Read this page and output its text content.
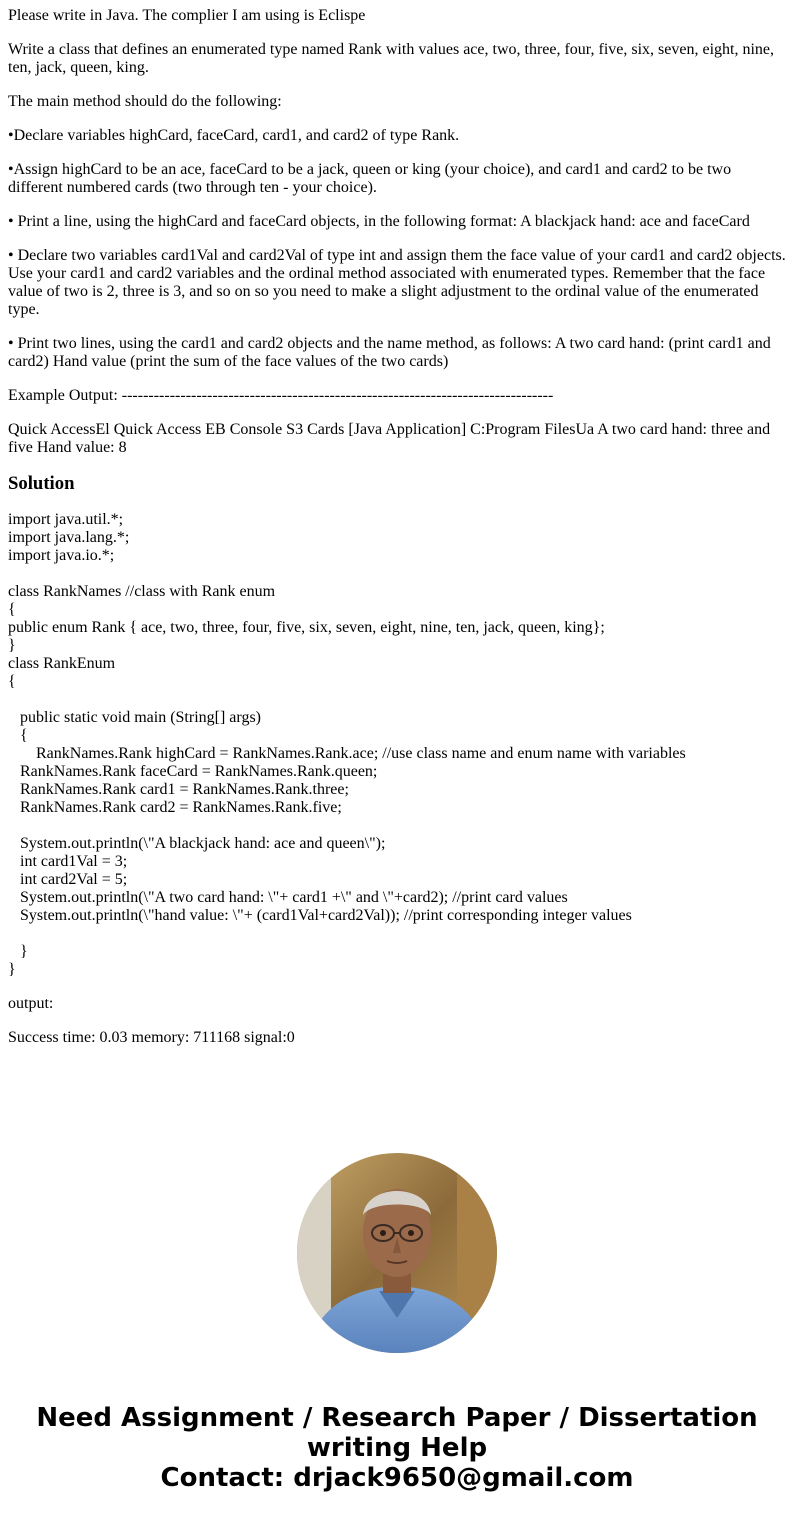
Please write in Java. The complier I am using is Eclispe

Write a class that defines an enumerated type named Rank with values ace, two, three, four, five, six, seven, eight, nine, ten, jack, queen, king.

The main method should do the following:

•Declare variables highCard, faceCard, card1, and card2 of type Rank.

•Assign highCard to be an ace, faceCard to be a jack, queen or king (your choice), and card1 and card2 to be two different numbered cards (two through ten - your choice).

• Print a line, using the highCard and faceCard objects, in the following format: A blackjack hand: ace and faceCard

• Declare two variables card1Val and card2Val of type int and assign them the face value of your card1 and card2 objects. Use your card1 and card2 variables and the ordinal method associated with enumerated types. Remember that the face value of two is 2, three is 3, and so on so you need to make a slight adjustment to the ordinal value of the enumerated type.

• Print two lines, using the card1 and card2 objects and the name method, as follows: A two card hand: (print card1 and card2) Hand value (print the sum of the face values of the two cards)

Example Output: ---------------------------------------------------------------------------------

Quick AccessEl Quick Access EB Console S3 Cards [Java Application] C:Program FilesUa A two card hand: three and five Hand value: 8

Solution
import java.util.*;
import java.lang.*;
import java.io.*;
class RankNames //class with Rank enum
{
public enum Rank { ace, two, three, four, five, six, seven, eight, nine, ten, jack, queen, king};
}
class RankEnum
{
public static void main (String[] args)
{
RankNames.Rank highCard = RankNames.Rank.ace; //use class name and enum name with variables
RankNames.Rank faceCard = RankNames.Rank.queen;
RankNames.Rank card1 = RankNames.Rank.three;
RankNames.Rank card2 = RankNames.Rank.five;
System.out.println(\"A blackjack hand: ace and queen\");
int card1Val = 3;
int card2Val = 5;
System.out.println(\"A two card hand: \"+ card1 +\" and \"+card2); //print card values
System.out.println(\"hand value: \"+ (card1Val+card2Val)); //print corresponding integer values
}
}
output:
Success time: 0.03 memory: 711168 signal:0
Need Assignment / Research Paper / Dissertation
writing Help
Contact: drjack9650@gmail.com
